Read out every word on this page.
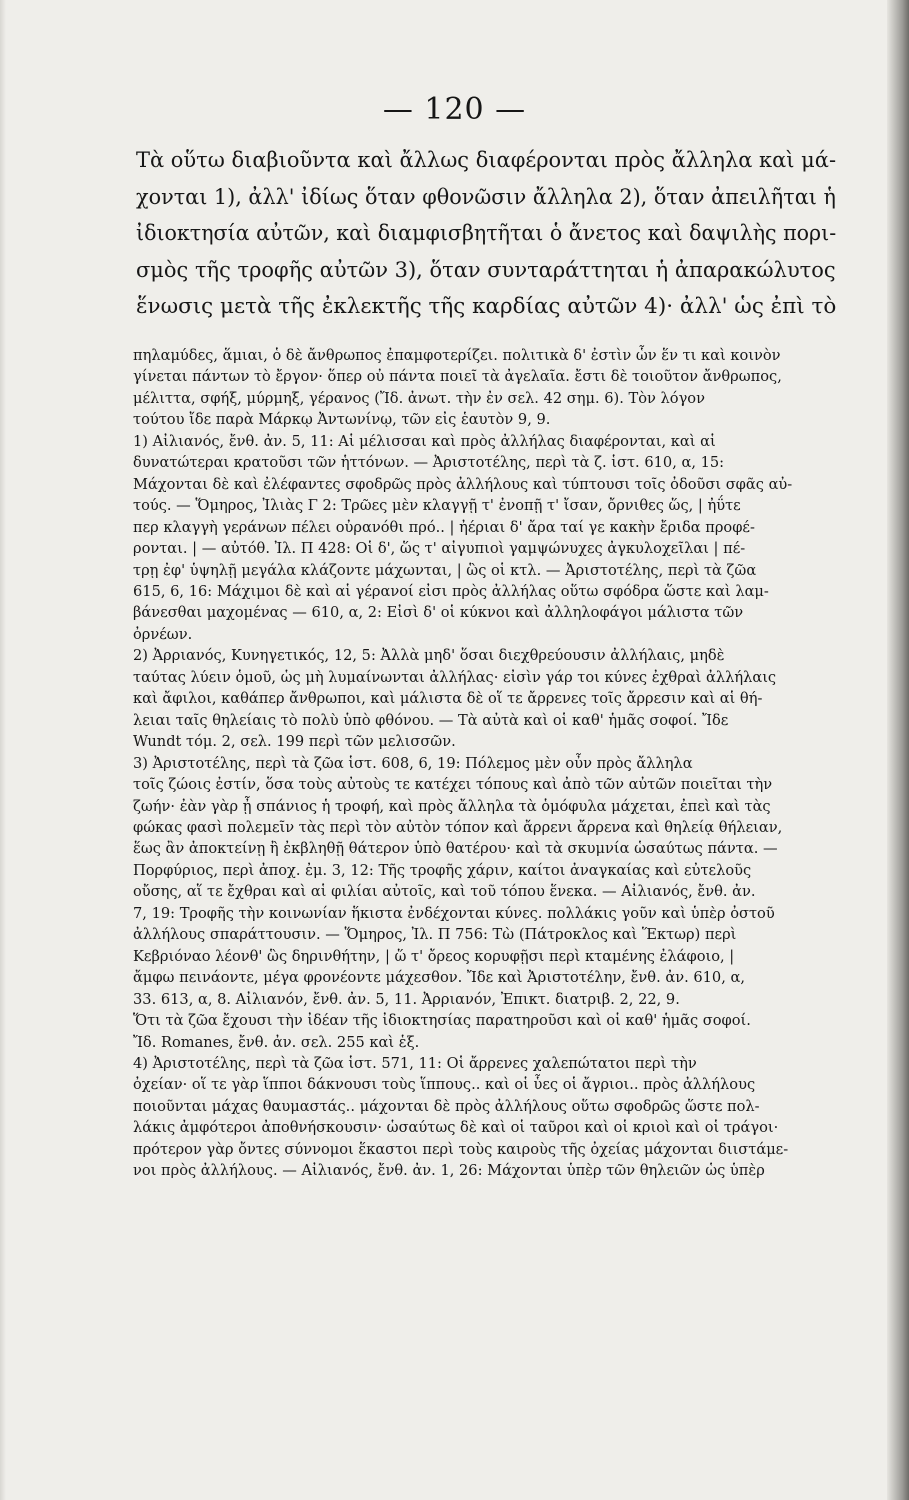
— 120 —
Τὰ οὕτω διαβιοῦντα καὶ ἄλλως διαφέρονται πρὸς ἄλληλα καὶ μά-
χονται 1), ἀλλ' ἰδίως ὅταν φθονῶσιν ἄλληλα 2), ὅταν ἀπειλῆται ἡ
ἰδιοκτησία αὐτῶν, καὶ διαμφισβητῆται ὁ ἄνετος καὶ δαψιλὴς πορι-
σμὸς τῆς τροφῆς αὐτῶν 3), ὅταν συνταράττηται ἡ ἀπαρακώλυτος
ἕνωσις μετὰ τῆς ἐκλεκτῆς τῆς καρδίας αὐτῶν 4)· ἀλλ' ὡς ἐπὶ τὸ
πηλαμύδες, ἅμιαι, ὁ δὲ ἄνθρωπος ἐπαμφοτερίζει. πολιτικὰ δ' ἐστὶν ὧν ἕν τι καὶ κοινὸν
γίνεται πάντων τὸ ἔργον· ὅπερ οὐ πάντα ποιεῖ τὰ ἀγελαῖα. ἔστι δὲ τοιοῦτον ἄνθρωπος,
μέλιττα, σφήξ, μύρμηξ, γέρανος (Ἴδ. ἀνωτ. τὴν ἐν σελ. 42 σημ. 6). Τὸν λόγον
τούτου ἴδε παρὰ Μάρκῳ Ἀντωνίνῳ, τῶν εἰς ἑαυτὸν 9, 9.
1) Αἰλιανός, ἔνθ. ἀν. 5, 11: Αἱ μέλισσαι καὶ πρὸς ἀλλήλας διαφέρονται, καὶ αἱ
δυνατώτεραι κρατοῦσι τῶν ἡττόνων. — Ἀριστοτέλης, περὶ τὰ ζ. ἱστ. 610, α, 15:
Μάχονται δὲ καὶ ἐλέφαντες σφοδρῶς πρὸς ἀλλήλους καὶ τύπτουσι τοῖς ὀδοῦσι σφᾶς αὐ-
τούς. — Ὅμηρος, Ἰλιὰς Γ 2: Τρῶες μὲν κλαγγῇ τ' ἐνοπῇ τ' ἴσαν, ὄρνιθες ὥς, | ἠΰτε
περ κλαγγὴ γεράνων πέλει οὐρανόθι πρό.. | ἠέριαι δ' ἄρα ταί γε κακὴν ἔριδα προφέ-
ρονται. | — αὐτόθ. Ἰλ. Π 428: Οἱ δ', ὥς τ' αἰγυπιοὶ γαμψώνυχες ἀγκυλοχεῖλαι | πέ-
τρῃ ἐφ' ὑψηλῇ μεγάλα κλάζοντε μάχωνται, | ὣς οἱ κτλ. — Ἀριστοτέλης, περὶ τὰ ζῶα
615, 6, 16: Μάχιμοι δὲ καὶ αἱ γέρανοί εἰσι πρὸς ἀλλήλας οὕτω σφόδρα ὥστε καὶ λαμ-
βάνεσθαι μαχομένας — 610, α, 2: Εἰσὶ δ' οἱ κύκνοι καὶ ἀλληλοφάγοι μάλιστα τῶν
ὀρνέων.
2) Ἀρριανός, Κυνηγετικός, 12, 5: Ἀλλὰ μηδ' ὅσαι διεχθρεύουσιν ἀλλήλαις, μηδὲ
ταύτας λύειν ὁμοῦ, ὡς μὴ λυμαίνωνται ἀλλήλας· εἰσὶν γάρ τοι κύνες ἐχθραὶ ἀλλήλαις
καὶ ἄφιλοι, καθάπερ ἄνθρωποι, καὶ μάλιστα δὲ οἵ τε ἄρρενες τοῖς ἄρρεσιν καὶ αἱ θή-
λειαι ταῖς θηλείαις τὸ πολὺ ὑπὸ φθόνου. — Τὰ αὐτὰ καὶ οἱ καθ' ἡμᾶς σοφοί. Ἴδε
Wundt τόμ. 2, σελ. 199 περὶ τῶν μελισσῶν.
3) Ἀριστοτέλης, περὶ τὰ ζῶα ἱστ. 608, 6, 19: Πόλεμος μὲν οὖν πρὸς ἄλληλα
τοῖς ζώοις ἐστίν, ὅσα τοὺς αὐτοὺς τε κατέχει τόπους καὶ ἀπὸ τῶν αὐτῶν ποιεῖται τὴν
ζωήν· ἐὰν γὰρ ᾖ σπάνιος ἡ τροφή, καὶ πρὸς ἄλληλα τὰ ὁμόφυλα μάχεται, ἐπεὶ καὶ τὰς
φώκας φασὶ πολεμεῖν τὰς περὶ τὸν αὐτὸν τόπον καὶ ἄρρενι ἄρρενα καὶ θηλείᾳ θήλειαν,
ἕως ἂν ἀποκτείνῃ ἢ ἐκβληθῇ θάτερον ὑπὸ θατέρου· καὶ τὰ σκυμνία ὡσαύτως πάντα. —
Πορφύριος, περὶ ἀποχ. ἐμ. 3, 12: Τῆς τροφῆς χάριν, καίτοι ἀναγκαίας καὶ εὐτελοῦς
οὔσης, αἵ τε ἔχθραι καὶ αἱ φιλίαι αὐτοῖς, καὶ τοῦ τόπου ἕνεκα. — Αἰλιανός, ἔνθ. ἀν.
7, 19: Τροφῆς τὴν κοινωνίαν ἥκιστα ἐνδέχονται κύνες. πολλάκις γοῦν καὶ ὑπὲρ ὀστοῦ
ἀλλήλους σπαράττουσιν. — Ὅμηρος, Ἰλ. Π 756: Τὼ (Πάτροκλος καὶ Ἕκτωρ) περὶ
Κεβριόναο λέονθ' ὣς δηρινθήτην, | ὥ τ' ὄρεος κορυφῇσι περὶ κταμένης ἐλάφοιο, |
ἄμφω πεινάοντε, μέγα φρονέοντε μάχεσθον. Ἴδε καὶ Ἀριστοτέλην, ἔνθ. ἀν. 610, α,
33. 613, α, 8. Αἰλιανόν, ἔνθ. ἀν. 5, 11. Ἀρριανόν, Ἐπικτ. διατριβ. 2, 22, 9.
Ὅτι τὰ ζῶα ἔχουσι τὴν ἰδέαν τῆς ἰδιοκτησίας παρατηροῦσι καὶ οἱ καθ' ἡμᾶς σοφοί.
Ἴδ. Romanes, ἔνθ. ἀν. σελ. 255 καὶ ἑξ.
4) Ἀριστοτέλης, περὶ τὰ ζῶα ἱστ. 571, 11: Οἱ ἄρρενες χαλεπώτατοι περὶ τὴν
ὀχείαν· οἵ τε γὰρ ἵπποι δάκνουσι τοὺς ἵππους.. καὶ οἱ ὗες οἱ ἄγριοι.. πρὸς ἀλλήλους
ποιοῦνται μάχας θαυμαστάς.. μάχονται δὲ πρὸς ἀλλήλους οὕτω σφοδρῶς ὥστε πολ-
λάκις ἀμφότεροι ἀποθνήσκουσιν· ὡσαύτως δὲ καὶ οἱ ταῦροι καὶ οἱ κριοὶ καὶ οἱ τράγοι·
πρότερον γὰρ ὄντες σύννομοι ἕκαστοι περὶ τοὺς καιροὺς τῆς ὀχείας μάχονται διιστάμε-
νοι πρὸς ἀλλήλους. — Αἰλιανός, ἔνθ. ἀν. 1, 26: Μάχονται ὑπὲρ τῶν θηλειῶν ὡς ὑπὲρ
